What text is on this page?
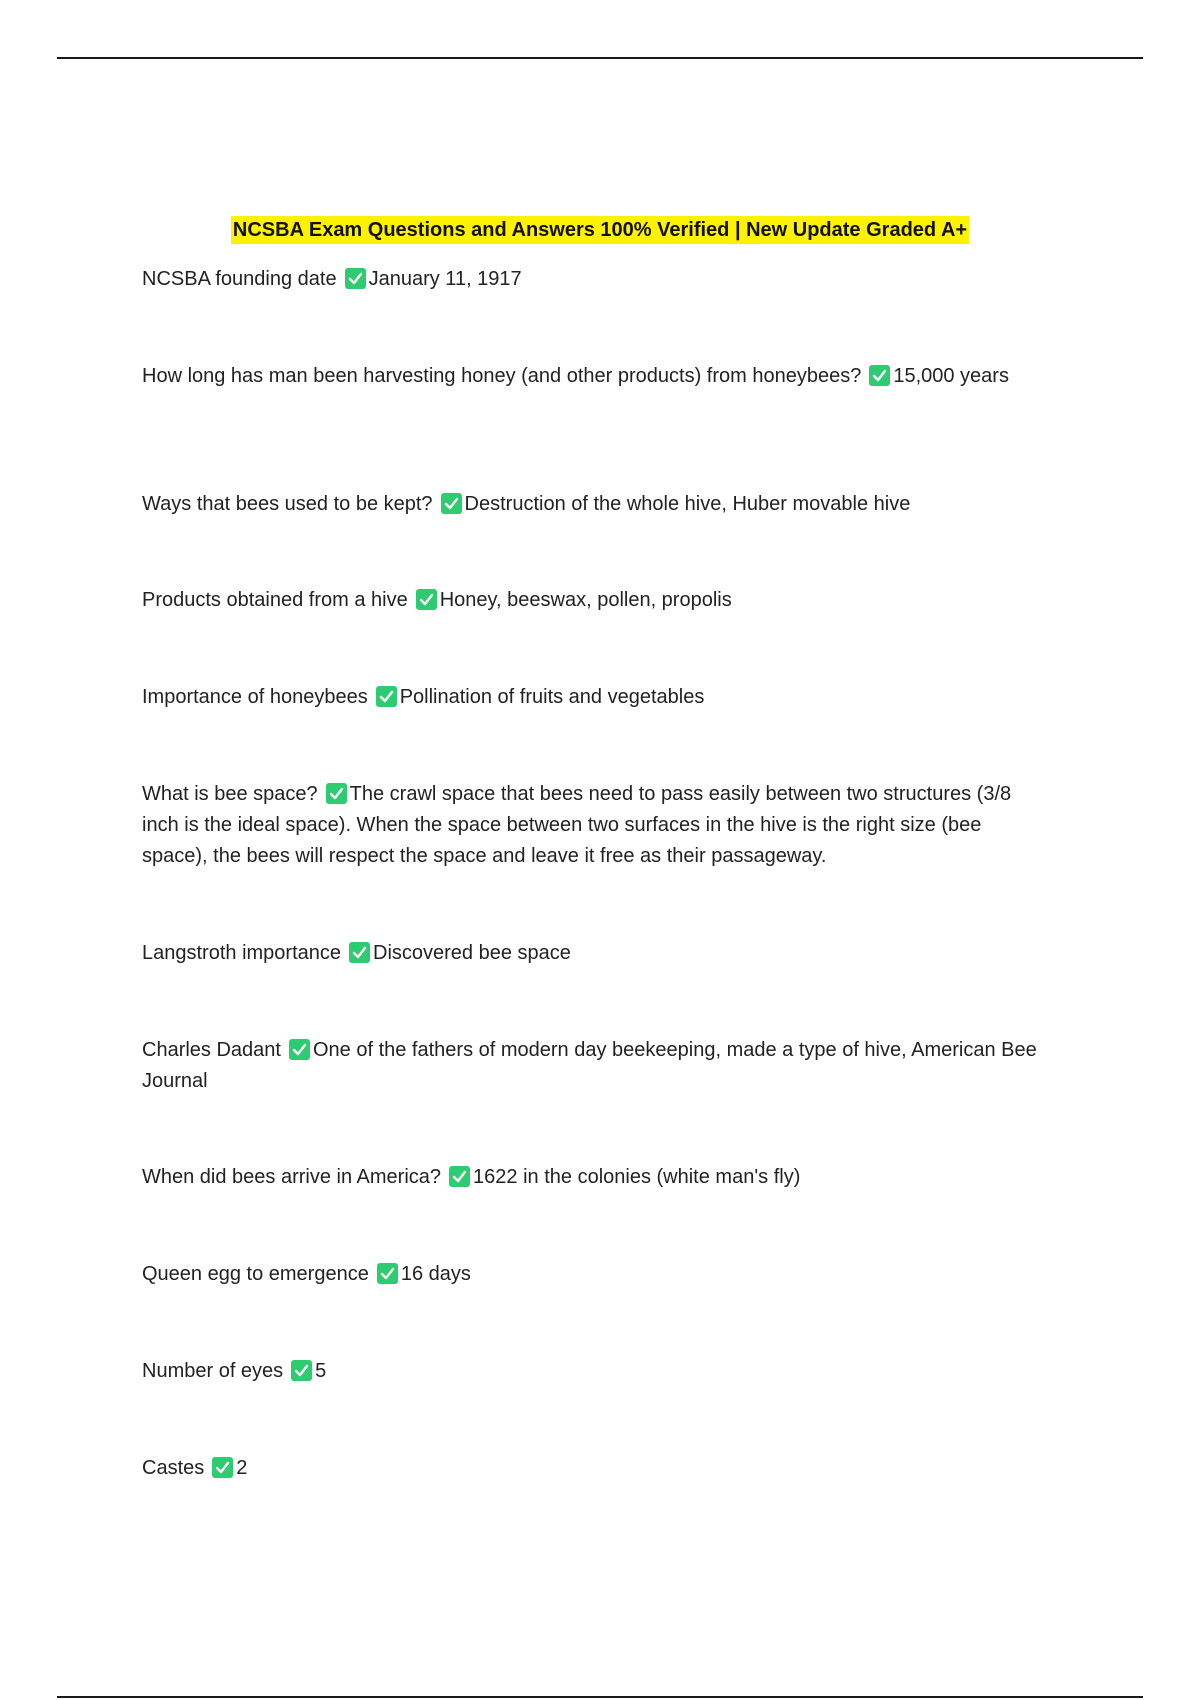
NCSBA Exam Questions and Answers 100% Verified | New Update Graded A+
NCSBA founding date January 11, 1917
How long has man been harvesting honey (and other products) from honeybees? 15,000 years
Ways that bees used to be kept? Destruction of the whole hive, Huber movable hive
Products obtained from a hive Honey, beeswax, pollen, propolis
Importance of honeybees Pollination of fruits and vegetables
What is bee space? The crawl space that bees need to pass easily between two structures (3/8 inch is the ideal space). When the space between two surfaces in the hive is the right size (bee space), the bees will respect the space and leave it free as their passageway.
Langstroth importance Discovered bee space
Charles Dadant One of the fathers of modern day beekeeping, made a type of hive, American Bee Journal
When did bees arrive in America? 1622 in the colonies (white man's fly)
Queen egg to emergence 16 days
Number of eyes 5
Castes 2
